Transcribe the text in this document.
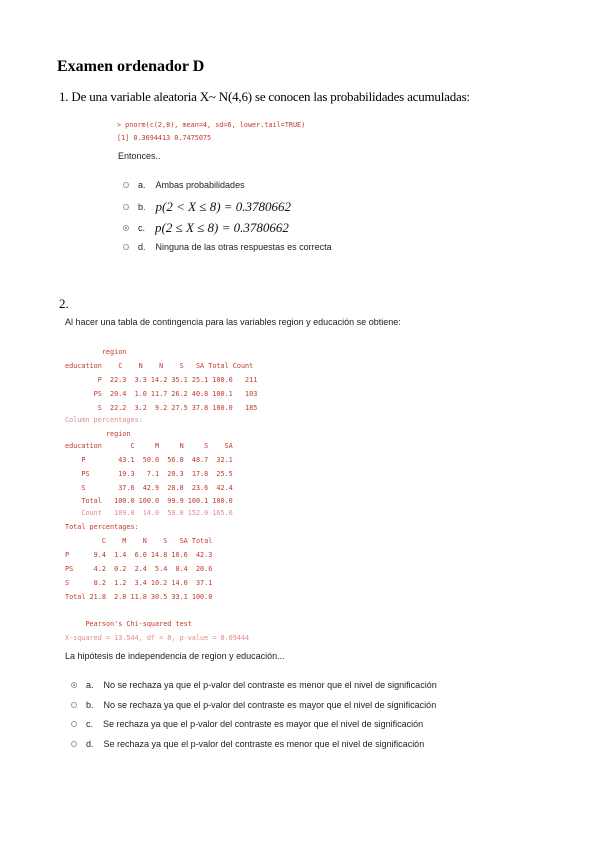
Examen ordenador D
1. De una variable aleatoria X~ N(4,6) se conocen las probabilidades acumuladas:
> pnorm(c(2,8), mean=4, sd=6, lower.tail=TRUE)
[1] 0.3694413 0.7475075
Entonces..
a. Ambas probabilidades
b. p(2 < X ≤ 8) = 0.3780662
c. p(2 ≤ X ≤ 8) = 0.3780662
d. Ninguna de las otras respuestas es correcta
2.
Al hacer una tabla de contingencia para las variables region y educación se obtiene:
region
education    C    N    N    S   SA Total Count
P  22.3  3.3 14.2 35.1 25.1 100.0   211
PS  20.4  1.0 11.7 26.2 40.8 100.1   103
S  22.2  3.2  9.2 27.5 37.8 100.0   185
Column percentages:
region
education       C     M     N     S    SA
P        43.1  50.0  56.8  48.7  32.1
PS       19.3   7.1  20.3  17.8  25.5
S        37.6  42.9  28.8  23.6  42.4
Total   100.0 100.0  99.9 100.1 100.0
Count   109.0  14.0  59.0 152.0 165.0
Total percentages:
C    M    N    S   SA Total
P      9.4  1.4  6.0 14.8 10.6  42.3
PS     4.2  0.2  2.4  5.4  8.4  20.6
S      8.2  1.2  3.4 10.2 14.0  37.1
Total 21.8  2.8 11.8 30.5 33.1 100.0
Pearson's Chi-squared test
X-squared = 13.544, df = 8, p-value = 0.09444
La hipótesis de independencia de region y educación...
a. No se rechaza ya que el p-valor del contraste es menor que el nivel de significación
b. No se rechaza ya que el p-valor del contraste es mayor que el nivel de significación
c. Se rechaza ya que el p-valor del contraste es mayor que el nivel de significación
d. Se rechaza ya que el p-valor del contraste es menor que el nivel de significación
